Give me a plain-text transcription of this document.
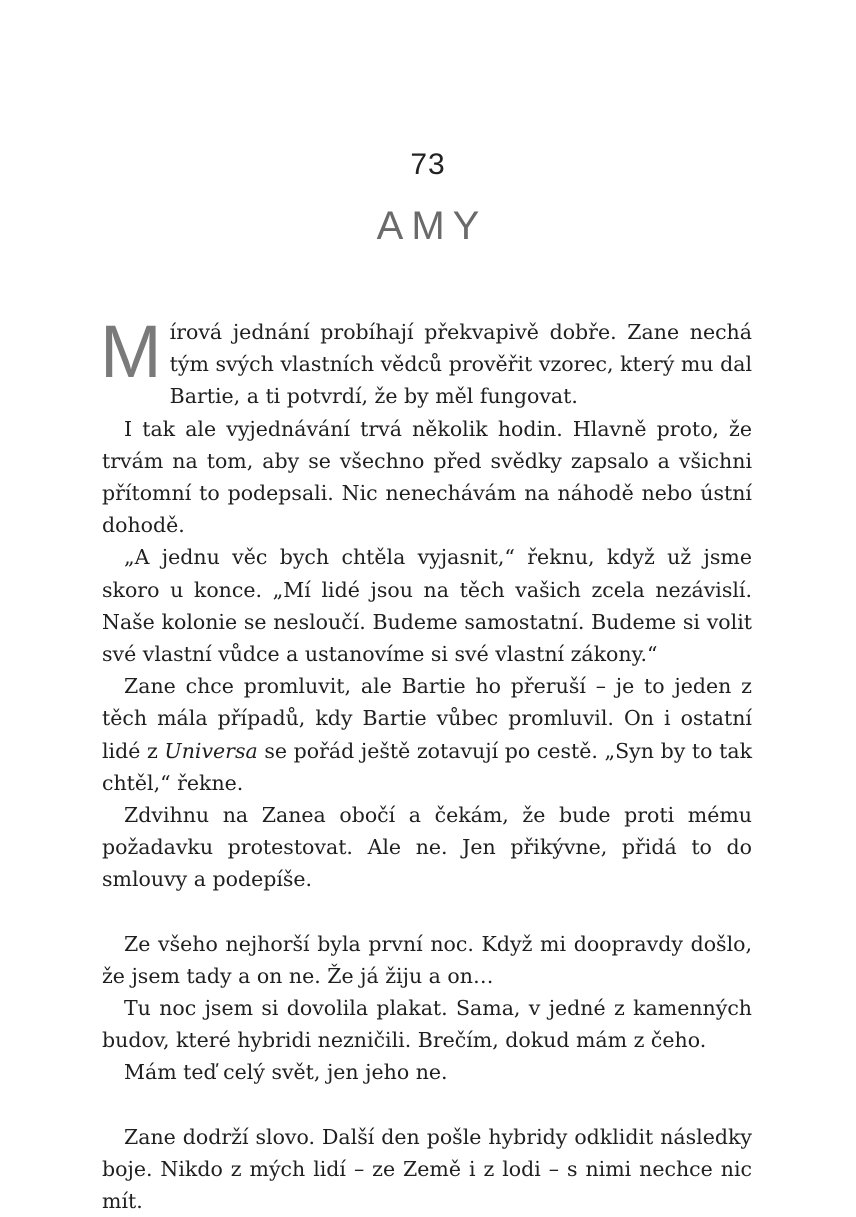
73
AMY

Mírová jednání probíhají překvapivě dobře. Zane nechá tým svých vlastních vědců prověřit vzorec, který mu dal Bartie, a ti potvrdí, že by měl fungovat.

I tak ale vyjednávání trvá několik hodin. Hlavně proto, že trvám na tom, aby se všechno před svědky zapsalo a všichni přítomní to podepsali. Nic nenechávám na náhodě nebo ústní dohodě.

„A jednu věc bych chtěla vyjasnit,“ řeknu, když už jsme skoro u konce. „Mí lidé jsou na těch vašich zcela nezávislí. Naše kolonie se nesloučí. Budeme samostatní. Budeme si volit své vlastní vůdce a ustanovíme si své vlastní zákony.“

Zane chce promluvit, ale Bartie ho přeruší – je to jeden z těch mála případů, kdy Bartie vůbec promluvil. On i ostatní lidé z Universa se pořád ještě zotavují po cestě. „Syn by to tak chtěl,“ řekne.

Zdvihnu na Zanea obočí a čekám, že bude proti mému požadavku protestovat. Ale ne. Jen přikývne, přidá to do smlouvy a podepíše.

Ze všeho nejhorší byla první noc. Když mi doopravdy došlo, že jsem tady a on ne. Že já žiju a on…

Tu noc jsem si dovolila plakat. Sama, v jedné z kamenných budov, které hybridi nezničili. Brečím, dokud mám z čeho.

Mám teď celý svět, jen jeho ne.

Zane dodrží slovo. Další den pošle hybridy odklidit následky boje. Nikdo z mých lidí – ze Země i z lodi – s nimi nechce nic mít.
